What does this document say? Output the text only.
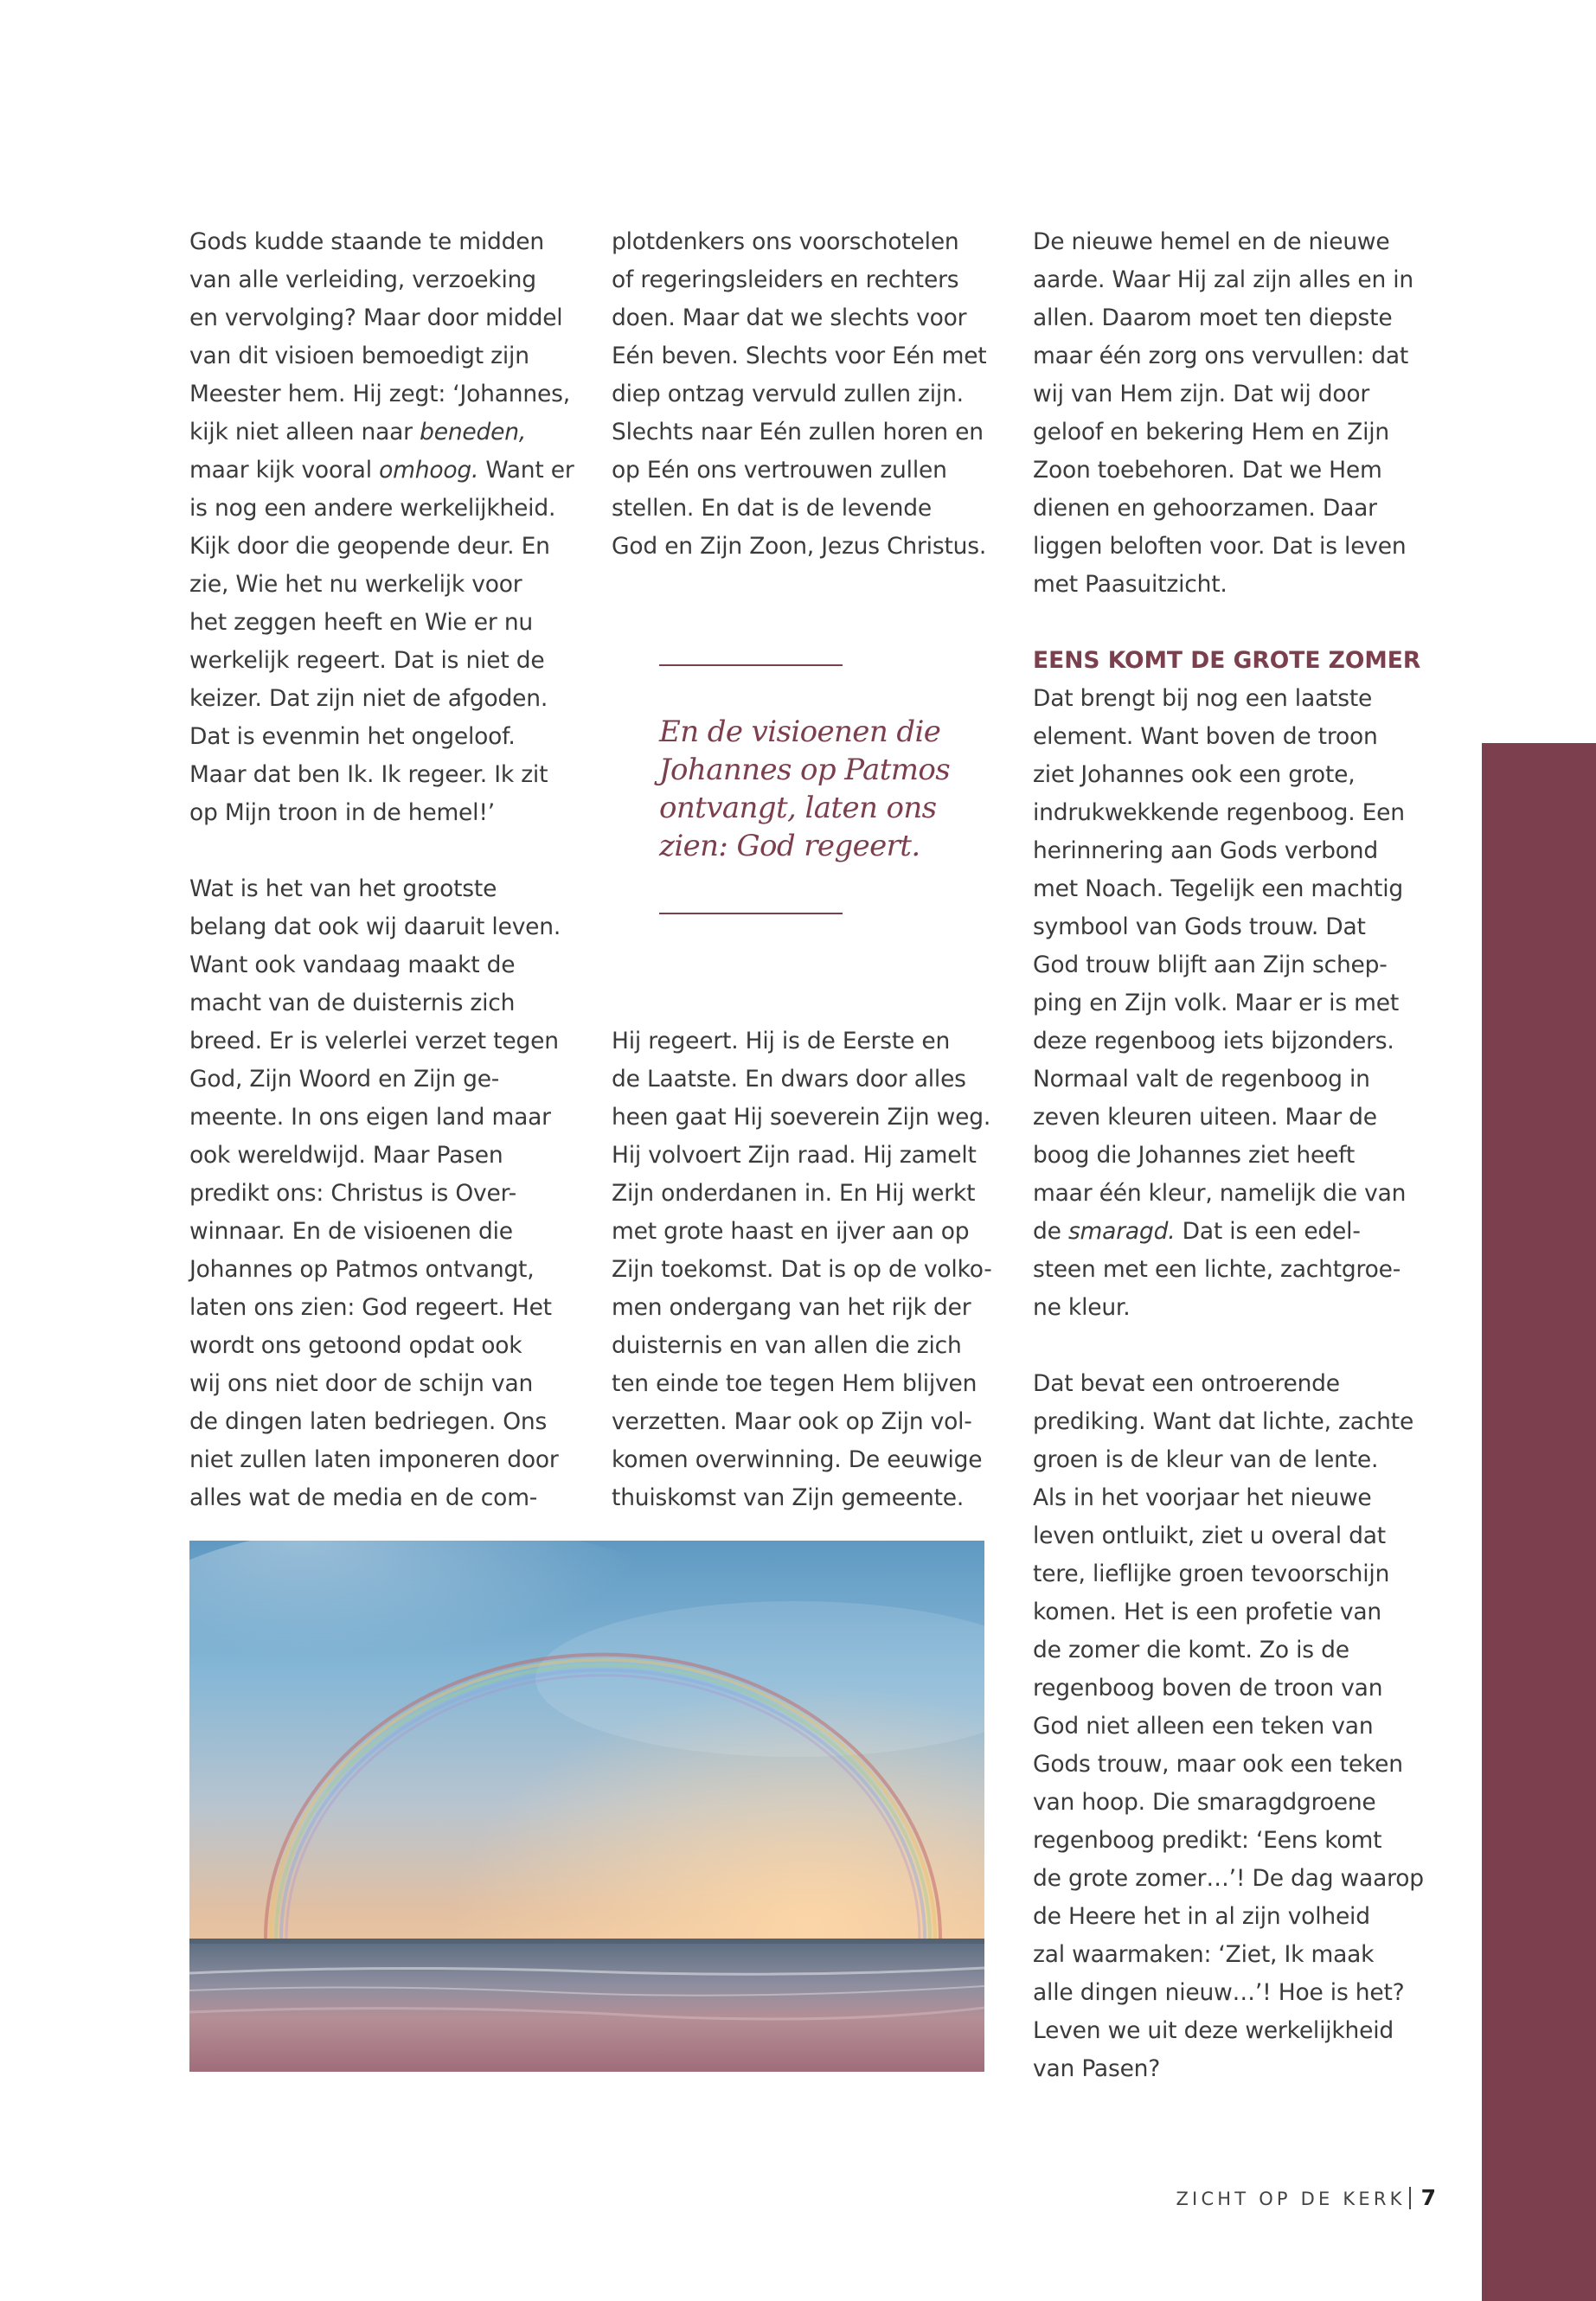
Gods kudde staande te midden
van alle verleiding, verzoeking
en vervolging? Maar door middel
van dit visioen bemoedigt zijn
Meester hem. Hij zegt: ‘Johannes,
kijk niet alleen naar beneden,
maar kijk vooral omhoog. Want er
is nog een andere werkelijkheid.
Kijk door die geopende deur. En
zie, Wie het nu werkelijk voor
het zeggen heeft en Wie er nu
werkelijk regeert. Dat is niet de
keizer. Dat zijn niet de afgoden.
Dat is evenmin het ongeloof.
Maar dat ben Ik. Ik regeer. Ik zit
op Mijn troon in de hemel!’
Wat is het van het grootste
belang dat ook wij daaruit leven.
Want ook vandaag maakt de
macht van de duisternis zich
breed. Er is velerlei verzet tegen
God, Zijn Woord en Zijn ge-
meente. In ons eigen land maar
ook wereldwijd. Maar Pasen
predikt ons: Christus is Over-
winnaar. En de visioenen die
Johannes op Patmos ontvangt,
laten ons zien: God regeert. Het
wordt ons getoond opdat ook
wij ons niet door de schijn van
de dingen laten bedriegen. Ons
niet zullen laten imponeren door
alles wat de media en de com-
plotdenkers ons voorschotelen
of regeringsleiders en rechters
doen. Maar dat we slechts voor
Eén beven. Slechts voor Eén met
diep ontzag vervuld zullen zijn.
Slechts naar Eén zullen horen en
op Eén ons vertrouwen zullen
stellen. En dat is de levende
God en Zijn Zoon, Jezus Christus.
Hij regeert. Hij is de Eerste en
de Laatste. En dwars door alles
heen gaat Hij soeverein Zijn weg.
Hij volvoert Zijn raad. Hij zamelt
Zijn onderdanen in. En Hij werkt
met grote haast en ijver aan op
Zijn toekomst. Dat is op de volko-
men ondergang van het rijk der
duisternis en van allen die zich
ten einde toe tegen Hem blijven
verzetten. Maar ook op Zijn vol-
komen overwinning. De eeuwige
thuiskomst van Zijn gemeente.
En de visioenen die
Johannes op Patmos
ontvangt, laten ons
zien: God regeert.
De nieuwe hemel en de nieuwe
aarde. Waar Hij zal zijn alles en in
allen. Daarom moet ten diepste
maar één zorg ons vervullen: dat
wij van Hem zijn. Dat wij door
geloof en bekering Hem en Zijn
Zoon toebehoren. Dat we Hem
dienen en gehoorzamen. Daar
liggen beloften voor. Dat is leven
met Paasuitzicht.
EENS KOMT DE GROTE ZOMER
Dat brengt bij nog een laatste
element. Want boven de troon
ziet Johannes ook een grote,
indrukwekkende regenboog. Een
herinnering aan Gods verbond
met Noach. Tegelijk een machtig
symbool van Gods trouw. Dat
God trouw blijft aan Zijn schep-
ping en Zijn volk. Maar er is met
deze regenboog iets bijzonders.
Normaal valt de regenboog in
zeven kleuren uiteen. Maar de
boog die Johannes ziet heeft
maar één kleur, namelijk die van
de smaragd. Dat is een edel-
steen met een lichte, zachtgroe-
ne kleur.
Dat bevat een ontroerende
prediking. Want dat lichte, zachte
groen is de kleur van de lente.
Als in het voorjaar het nieuwe
leven ontluikt, ziet u overal dat
tere, lieflijke groen tevoorschijn
komen. Het is een profetie van
de zomer die komt. Zo is de
regenboog boven de troon van
God niet alleen een teken van
Gods trouw, maar ook een teken
van hoop. Die smaragdgroene
regenboog predikt: ‘Eens komt
de grote zomer…’! De dag waarop
de Heere het in al zijn volheid
zal waarmaken: ‘Ziet, Ik maak
alle dingen nieuw…’! Hoe is het?
Leven we uit deze werkelijkheid
van Pasen?
ZICHT OP DE KERK 7
